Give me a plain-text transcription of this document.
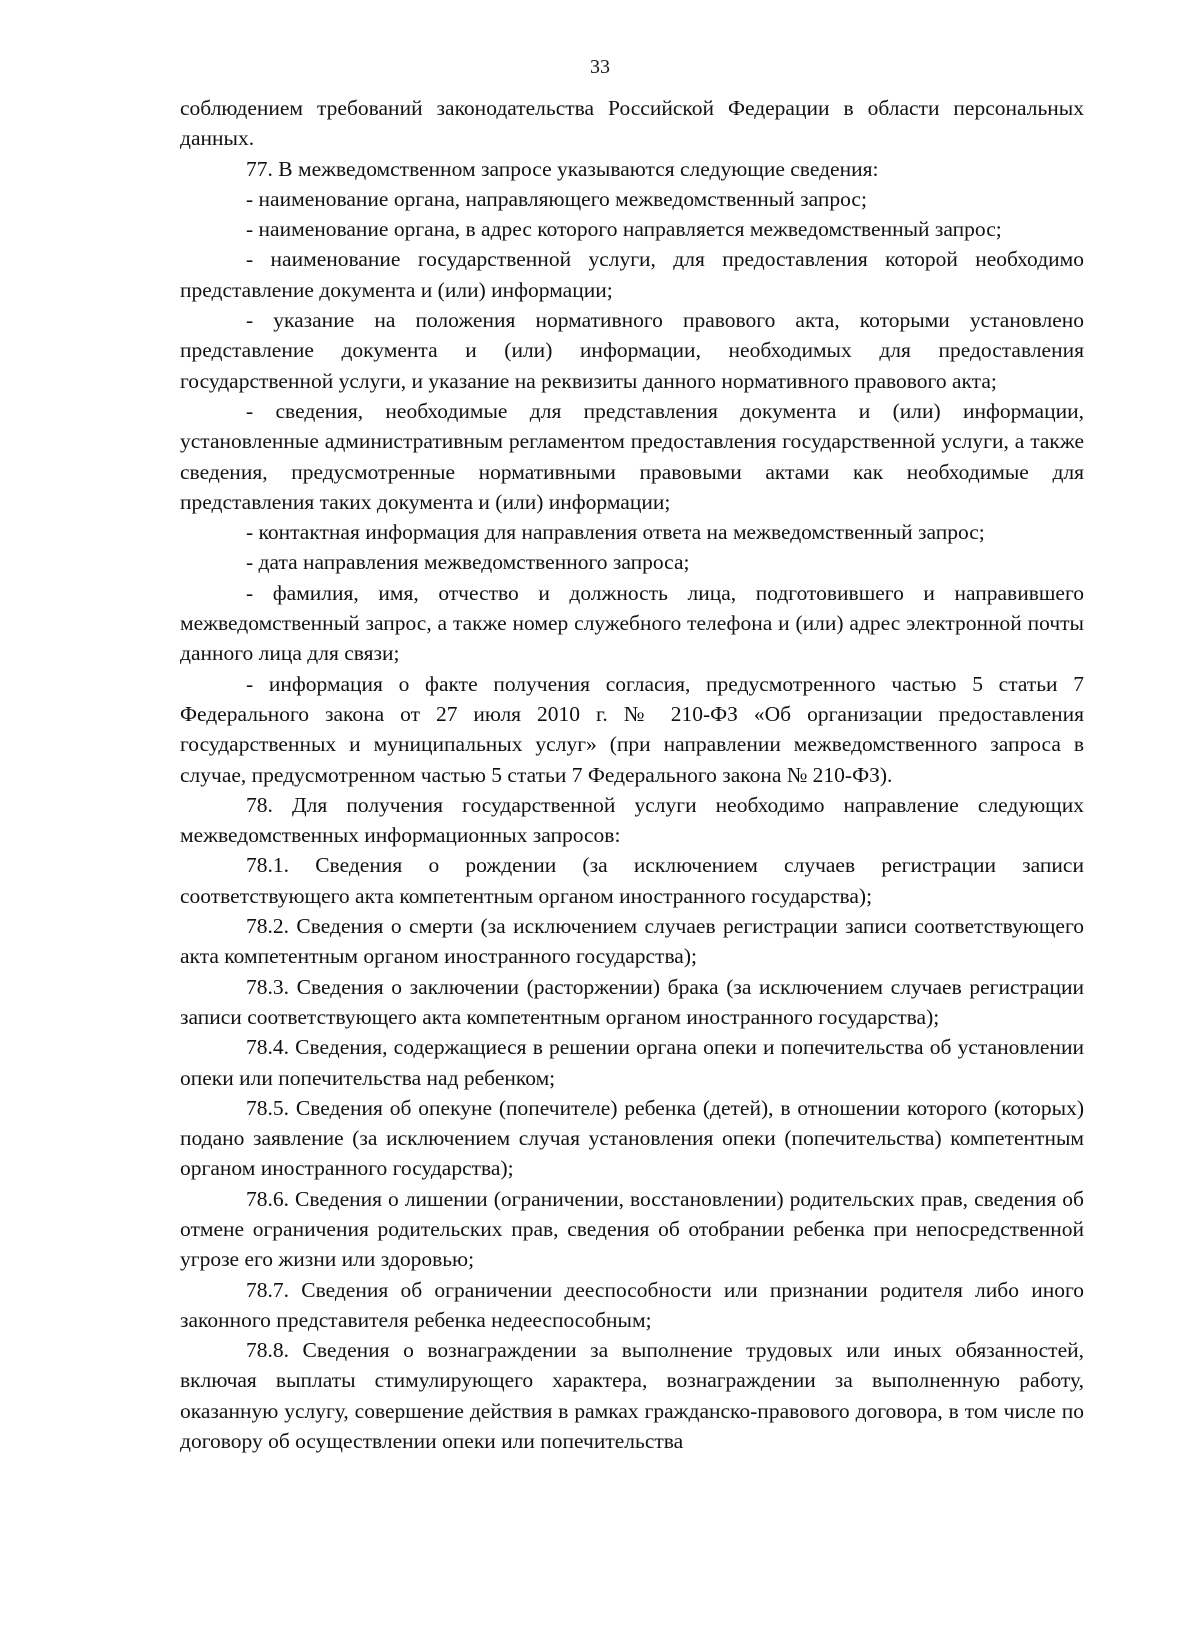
33

соблюдением требований законодательства Российской Федерации в области персональных данных.

77. В межведомственном запросе указываются следующие сведения:

- наименование органа, направляющего межведомственный запрос;

- наименование органа, в адрес которого направляется межведомственный запрос;

- наименование государственной услуги, для предоставления которой необходимо представление документа и (или) информации;

- указание на положения нормативного правового акта, которыми установлено представление документа и (или) информации, необходимых для предоставления государственной услуги, и указание на реквизиты данного нормативного правового акта;

- сведения, необходимые для представления документа и (или) информации, установленные административным регламентом предоставления государственной услуги, а также сведения, предусмотренные нормативными правовыми актами как необходимые для представления таких документа и (или) информации;

- контактная информация для направления ответа на межведомственный запрос;

- дата направления межведомственного запроса;

- фамилия, имя, отчество и должность лица, подготовившего и направившего межведомственный запрос, а также номер служебного телефона и (или) адрес электронной почты данного лица для связи;

- информация о факте получения согласия, предусмотренного частью 5 статьи 7 Федерального закона от 27 июля 2010 г. № 210-ФЗ «Об организации предоставления государственных и муниципальных услуг» (при направлении межведомственного запроса в случае, предусмотренном частью 5 статьи 7 Федерального закона № 210-ФЗ).

78. Для получения государственной услуги необходимо направление следующих межведомственных информационных запросов:

78.1. Сведения о рождении (за исключением случаев регистрации записи соответствующего акта компетентным органом иностранного государства);

78.2. Сведения о смерти (за исключением случаев регистрации записи соответствующего акта компетентным органом иностранного государства);

78.3. Сведения о заключении (расторжении) брака (за исключением случаев регистрации записи соответствующего акта компетентным органом иностранного государства);

78.4. Сведения, содержащиеся в решении органа опеки и попечительства об установлении опеки или попечительства над ребенком;

78.5. Сведения об опекуне (попечителе) ребенка (детей), в отношении которого (которых) подано заявление (за исключением случая установления опеки (попечительства) компетентным органом иностранного государства);

78.6. Сведения о лишении (ограничении, восстановлении) родительских прав, сведения об отмене ограничения родительских прав, сведения об отобрании ребенка при непосредственной угрозе его жизни или здоровью;

78.7. Сведения об ограничении дееспособности или признании родителя либо иного законного представителя ребенка недееспособным;

78.8. Сведения о вознаграждении за выполнение трудовых или иных обязанностей, включая выплаты стимулирующего характера, вознаграждении за выполненную работу, оказанную услугу, совершение действия в рамках гражданско-правового договора, в том числе по договору об осуществлении опеки или попечительства
